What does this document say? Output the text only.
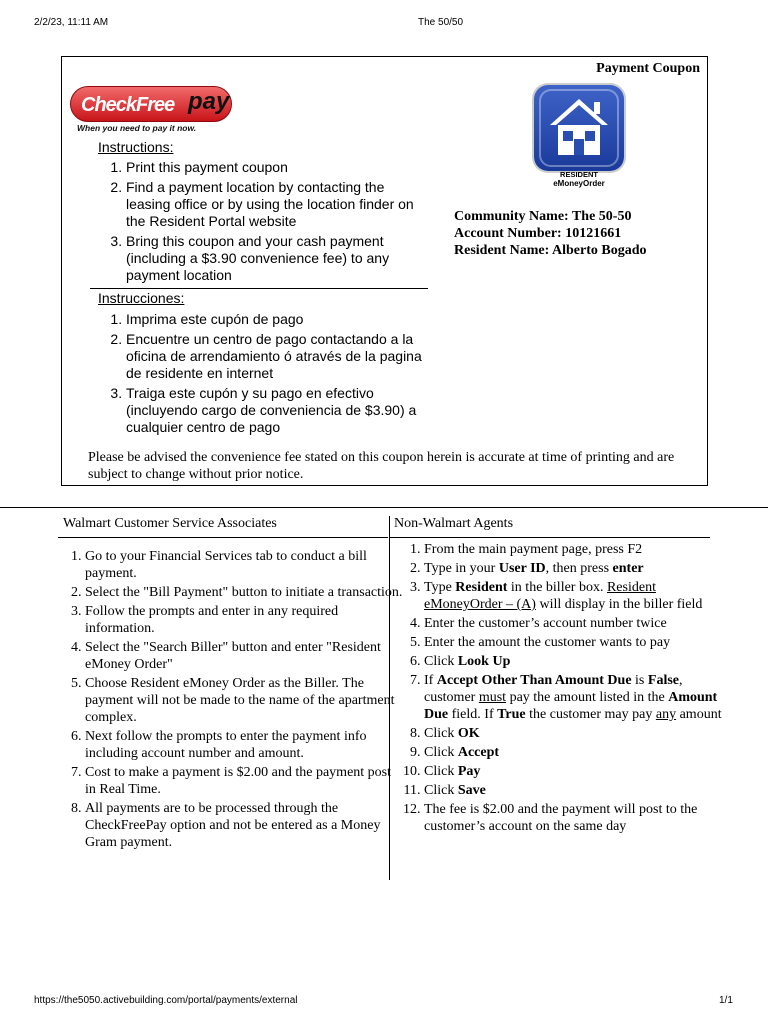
2/2/23, 11:11 AM	The 50/50
Payment Coupon
CheckFree pay
When you need to pay it now.
RESIDENT
eMoneyOrder
Community Name: The 50-50
Account Number: 10121661
Resident Name: Alberto Bogado
Instructions:
1. Print this payment coupon
2. Find a payment location by contacting the leasing office or by using the location finder on the Resident Portal website
3. Bring this coupon and your cash payment (including a $3.90 convenience fee) to any payment location
Instrucciones:
1. Imprima este cupón de pago
2. Encuentre un centro de pago contactando a la oficina de arrendamiento ó através de la pagina de residente en internet
3. Traiga este cupón y su pago en efectivo (incluyendo cargo de conveniencia de $3.90) a cualquier centro de pago
Please be advised the convenience fee stated on this coupon herein is accurate at time of printing and are subject to change without prior notice.
Walmart Customer Service Associates	Non-Walmart Agents
1. Go to your Financial Services tab to conduct a bill payment.
2. Select the "Bill Payment" button to initiate a transaction.
3. Follow the prompts and enter in any required information.
4. Select the "Search Biller" button and enter "Resident eMoney Order"
5. Choose Resident eMoney Order as the Biller. The payment will not be made to the name of the apartment complex.
6. Next follow the prompts to enter the payment info including account number and amount.
7. Cost to make a payment is $2.00 and the payment post in Real Time.
8. All payments are to be processed through the CheckFreePay option and not be entered as a Money Gram payment.
1. From the main payment page, press F2
2. Type in your User ID, then press enter
3. Type Resident in the biller box. Resident eMoneyOrder – (A) will display in the biller field
4. Enter the customer’s account number twice
5. Enter the amount the customer wants to pay
6. Click Look Up
7. If Accept Other Than Amount Due is False, customer must pay the amount listed in the Amount Due field. If True the customer may pay any amount
8. Click OK
9. Click Accept
10. Click Pay
11. Click Save
12. The fee is $2.00 and the payment will post to the customer’s account on the same day
https://the5050.activebuilding.com/portal/payments/external	1/1
